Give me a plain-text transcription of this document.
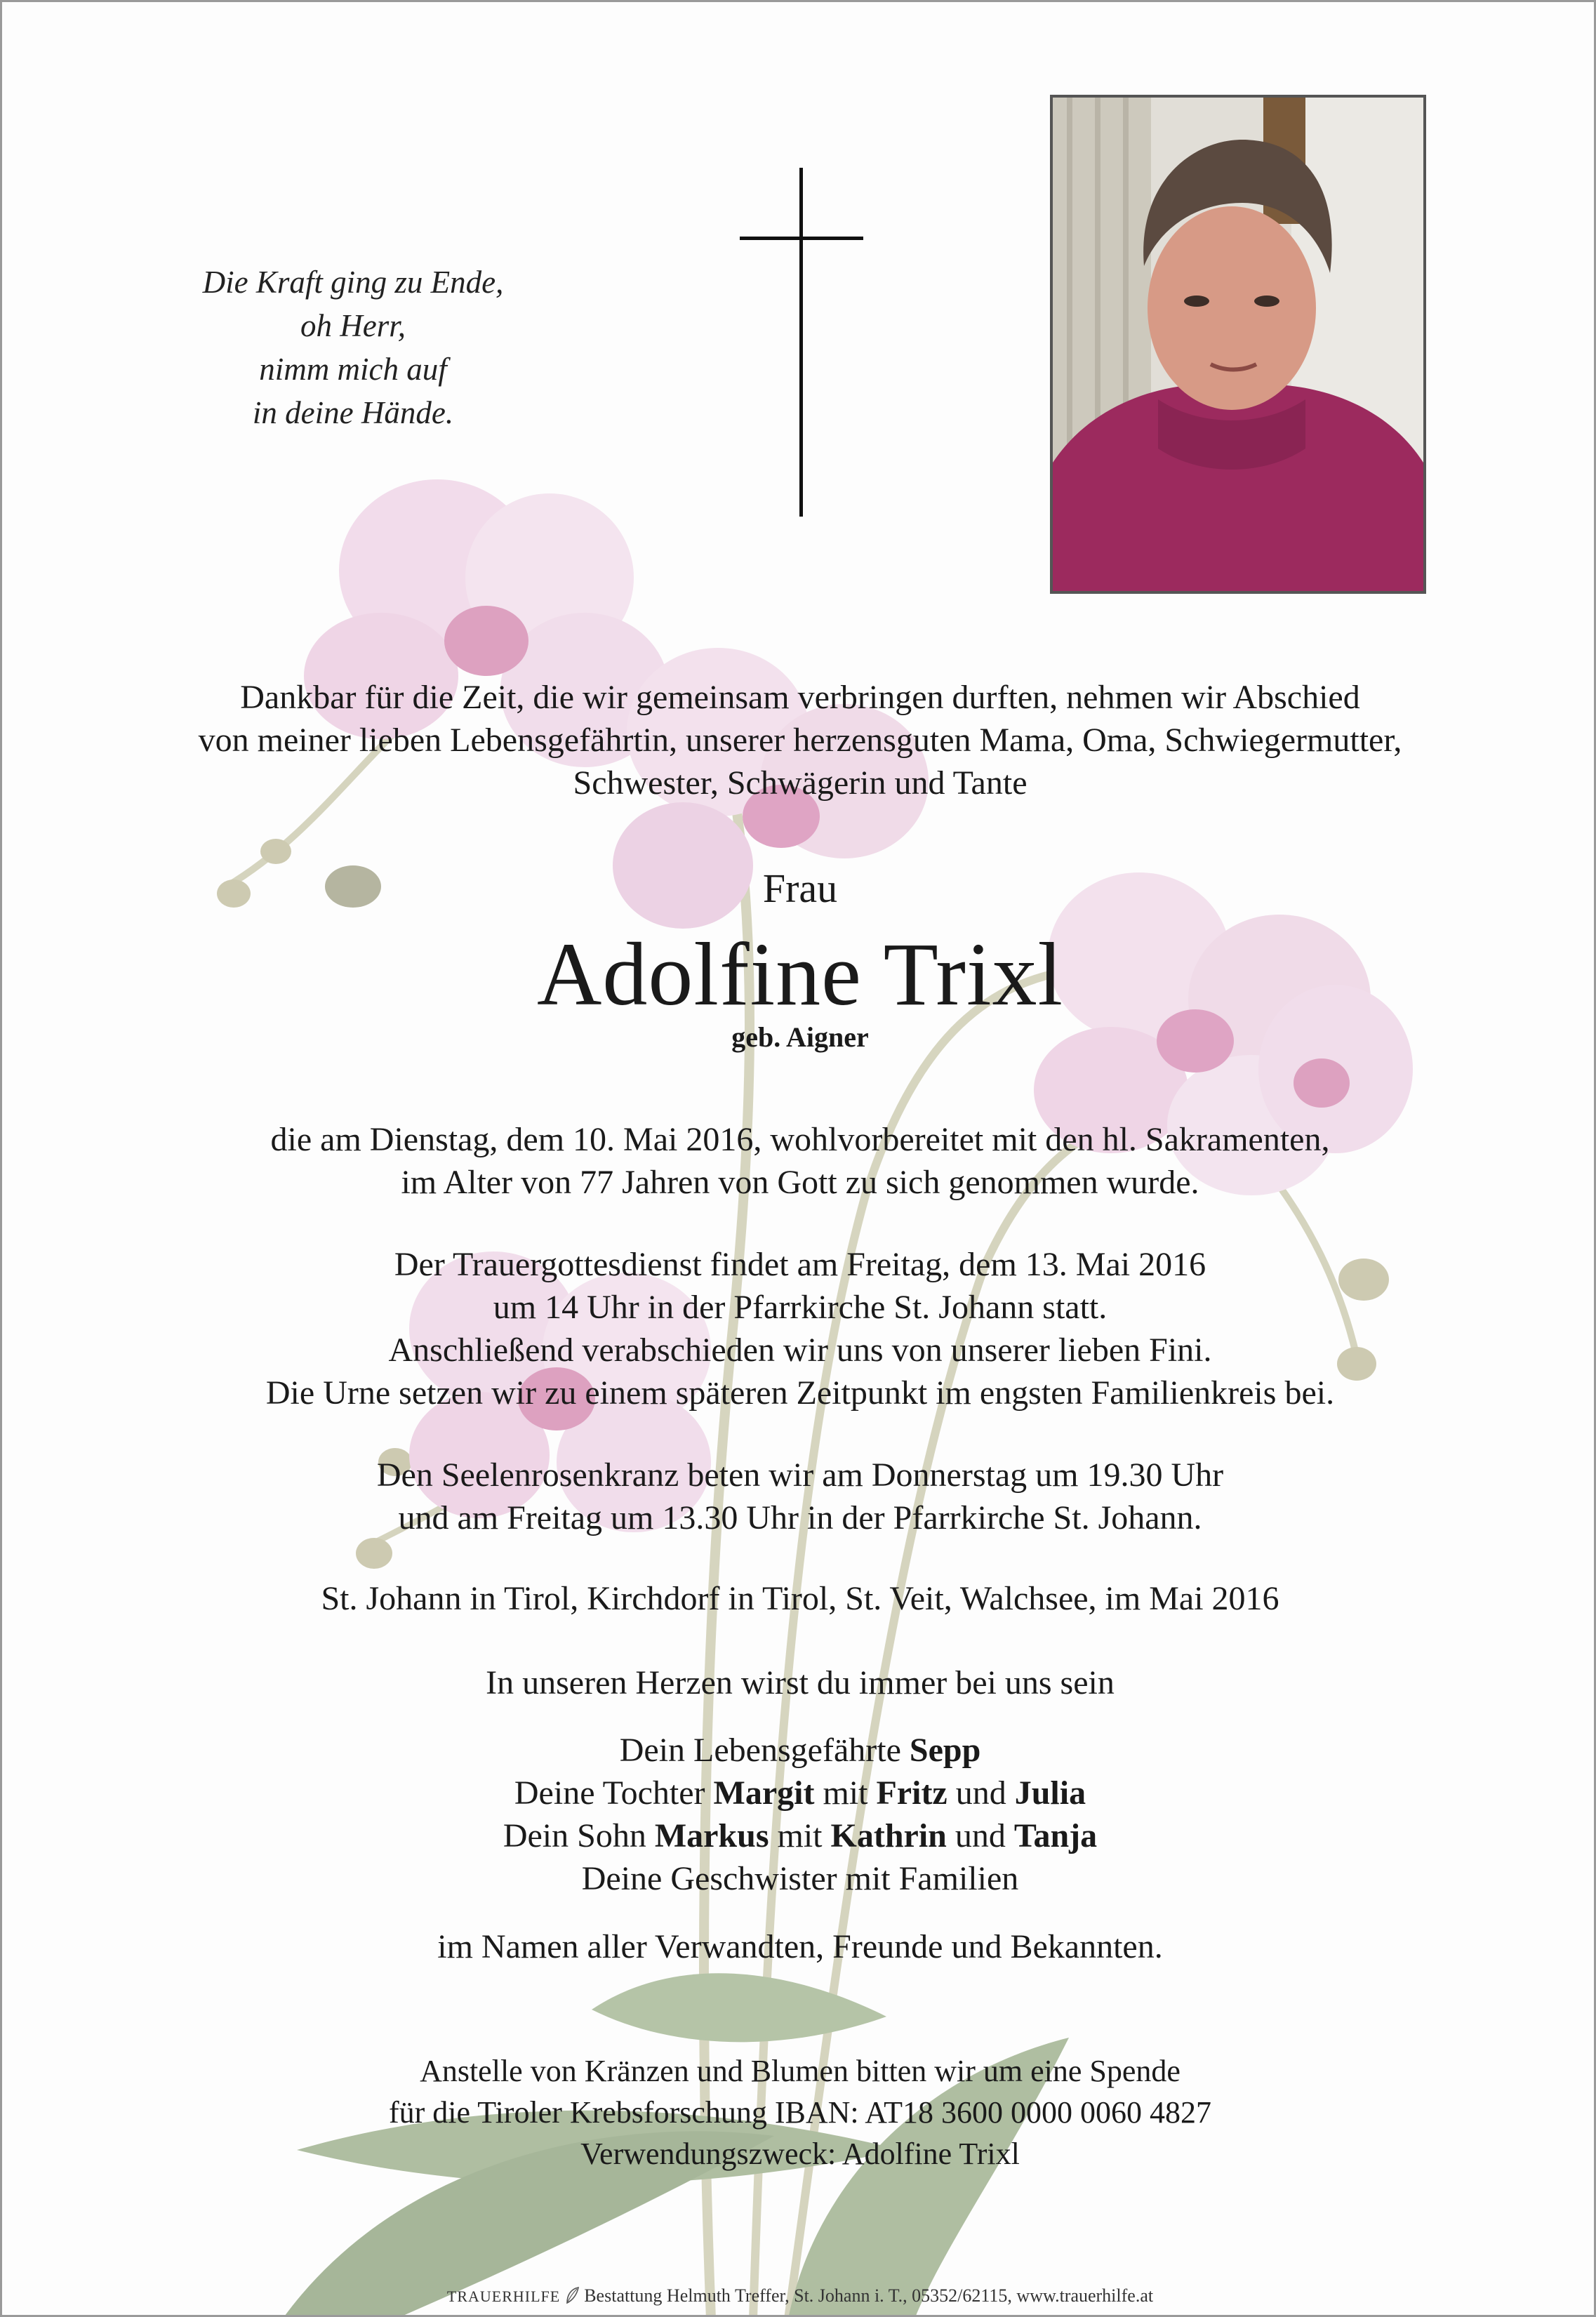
Die Kraft ging zu Ende,
oh Herr,
nimm mich auf
in deine Hände.
Dankbar für die Zeit, die wir gemeinsam verbringen durften, nehmen wir Abschied
von meiner lieben Lebensgefährtin, unserer herzensguten Mama, Oma, Schwiegermutter,
Schwester, Schwägerin und Tante
Frau
Adolfine Trixl
geb. Aigner
die am Dienstag, dem 10. Mai 2016, wohlvorbereitet mit den hl. Sakramenten,
im Alter von 77 Jahren von Gott zu sich genommen wurde.
Der Trauergottesdienst findet am Freitag, dem 13. Mai 2016
um 14 Uhr in der Pfarrkirche St. Johann statt.
Anschließend verabschieden wir uns von unserer lieben Fini.
Die Urne setzen wir zu einem späteren Zeitpunkt im engsten Familienkreis bei.
Den Seelenrosenkranz beten wir am Donnerstag um 19.30 Uhr
und am Freitag um 13.30 Uhr in der Pfarrkirche St. Johann.
St. Johann in Tirol, Kirchdorf in Tirol, St. Veit, Walchsee, im Mai 2016
In unseren Herzen wirst du immer bei uns sein
Dein Lebensgefährte Sepp
Deine Tochter Margit mit Fritz und Julia
Dein Sohn Markus mit Kathrin und Tanja
Deine Geschwister mit Familien
im Namen aller Verwandten, Freunde und Bekannten.
Anstelle von Kränzen und Blumen bitten wir um eine Spende
für die Tiroler Krebsforschung IBAN: AT18 3600 0000 0060 4827
Verwendungszweck: Adolfine Trixl
TRAUERHILFE Bestattung Helmuth Treffer, St. Johann i. T., 05352/62115, www.trauerhilfe.at
